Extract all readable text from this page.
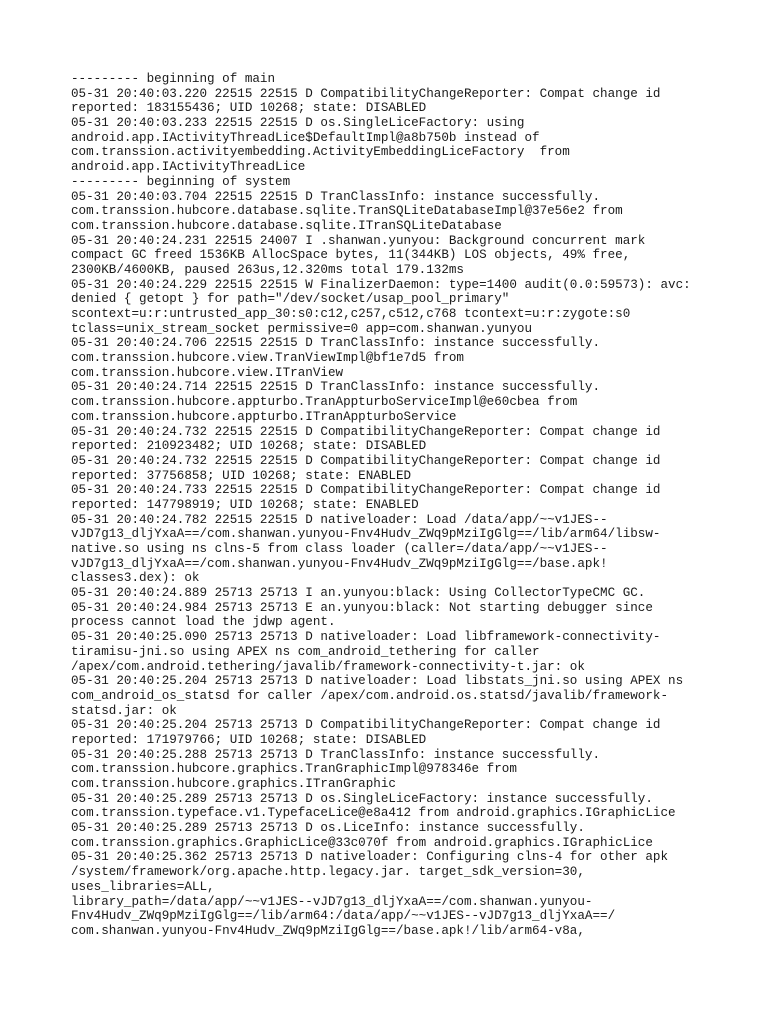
--------- beginning of main
05-31 20:40:03.220 22515 22515 D CompatibilityChangeReporter: Compat change id
reported: 183155436; UID 10268; state: DISABLED
05-31 20:40:03.233 22515 22515 D os.SingleLiceFactory: using
android.app.IActivityThreadLice$DefaultImpl@a8b750b instead of
com.transsion.activityembedding.ActivityEmbeddingLiceFactory  from
android.app.IActivityThreadLice
--------- beginning of system
05-31 20:40:03.704 22515 22515 D TranClassInfo: instance successfully.
com.transsion.hubcore.database.sqlite.TranSQLiteDatabaseImpl@37e56e2 from
com.transsion.hubcore.database.sqlite.ITranSQLiteDatabase
05-31 20:40:24.231 22515 24007 I .shanwan.yunyou: Background concurrent mark
compact GC freed 1536KB AllocSpace bytes, 11(344KB) LOS objects, 49% free,
2300KB/4600KB, paused 263us,12.320ms total 179.132ms
05-31 20:40:24.229 22515 22515 W FinalizerDaemon: type=1400 audit(0.0:59573): avc:
denied { getopt } for path="/dev/socket/usap_pool_primary"
scontext=u:r:untrusted_app_30:s0:c12,c257,c512,c768 tcontext=u:r:zygote:s0
tclass=unix_stream_socket permissive=0 app=com.shanwan.yunyou
05-31 20:40:24.706 22515 22515 D TranClassInfo: instance successfully.
com.transsion.hubcore.view.TranViewImpl@bf1e7d5 from
com.transsion.hubcore.view.ITranView
05-31 20:40:24.714 22515 22515 D TranClassInfo: instance successfully.
com.transsion.hubcore.appturbo.TranAppturboServiceImpl@e60cbea from
com.transsion.hubcore.appturbo.ITranAppturboService
05-31 20:40:24.732 22515 22515 D CompatibilityChangeReporter: Compat change id
reported: 210923482; UID 10268; state: DISABLED
05-31 20:40:24.732 22515 22515 D CompatibilityChangeReporter: Compat change id
reported: 37756858; UID 10268; state: ENABLED
05-31 20:40:24.733 22515 22515 D CompatibilityChangeReporter: Compat change id
reported: 147798919; UID 10268; state: ENABLED
05-31 20:40:24.782 22515 22515 D nativeloader: Load /data/app/~~v1JES--
vJD7g13_dljYxaA==/com.shanwan.yunyou-Fnv4Hudv_ZWq9pMziIgGlg==/lib/arm64/libsw-
native.so using ns clns-5 from class loader (caller=/data/app/~~v1JES--
vJD7g13_dljYxaA==/com.shanwan.yunyou-Fnv4Hudv_ZWq9pMziIgGlg==/base.apk!
classes3.dex): ok
05-31 20:40:24.889 25713 25713 I an.yunyou:black: Using CollectorTypeCMC GC.
05-31 20:40:24.984 25713 25713 E an.yunyou:black: Not starting debugger since
process cannot load the jdwp agent.
05-31 20:40:25.090 25713 25713 D nativeloader: Load libframework-connectivity-
tiramisu-jni.so using APEX ns com_android_tethering for caller
/apex/com.android.tethering/javalib/framework-connectivity-t.jar: ok
05-31 20:40:25.204 25713 25713 D nativeloader: Load libstats_jni.so using APEX ns
com_android_os_statsd for caller /apex/com.android.os.statsd/javalib/framework-
statsd.jar: ok
05-31 20:40:25.204 25713 25713 D CompatibilityChangeReporter: Compat change id
reported: 171979766; UID 10268; state: DISABLED
05-31 20:40:25.288 25713 25713 D TranClassInfo: instance successfully.
com.transsion.hubcore.graphics.TranGraphicImpl@978346e from
com.transsion.hubcore.graphics.ITranGraphic
05-31 20:40:25.289 25713 25713 D os.SingleLiceFactory: instance successfully.
com.transsion.typeface.v1.TypefaceLice@e8a412 from android.graphics.IGraphicLice
05-31 20:40:25.289 25713 25713 D os.LiceInfo: instance successfully.
com.transsion.graphics.GraphicLice@33c070f from android.graphics.IGraphicLice
05-31 20:40:25.362 25713 25713 D nativeloader: Configuring clns-4 for other apk
/system/framework/org.apache.http.legacy.jar. target_sdk_version=30,
uses_libraries=ALL,
library_path=/data/app/~~v1JES--vJD7g13_dljYxaA==/com.shanwan.yunyou-
Fnv4Hudv_ZWq9pMziIgGlg==/lib/arm64:/data/app/~~v1JES--vJD7g13_dljYxaA==/
com.shanwan.yunyou-Fnv4Hudv_ZWq9pMziIgGlg==/base.apk!/lib/arm64-v8a,
